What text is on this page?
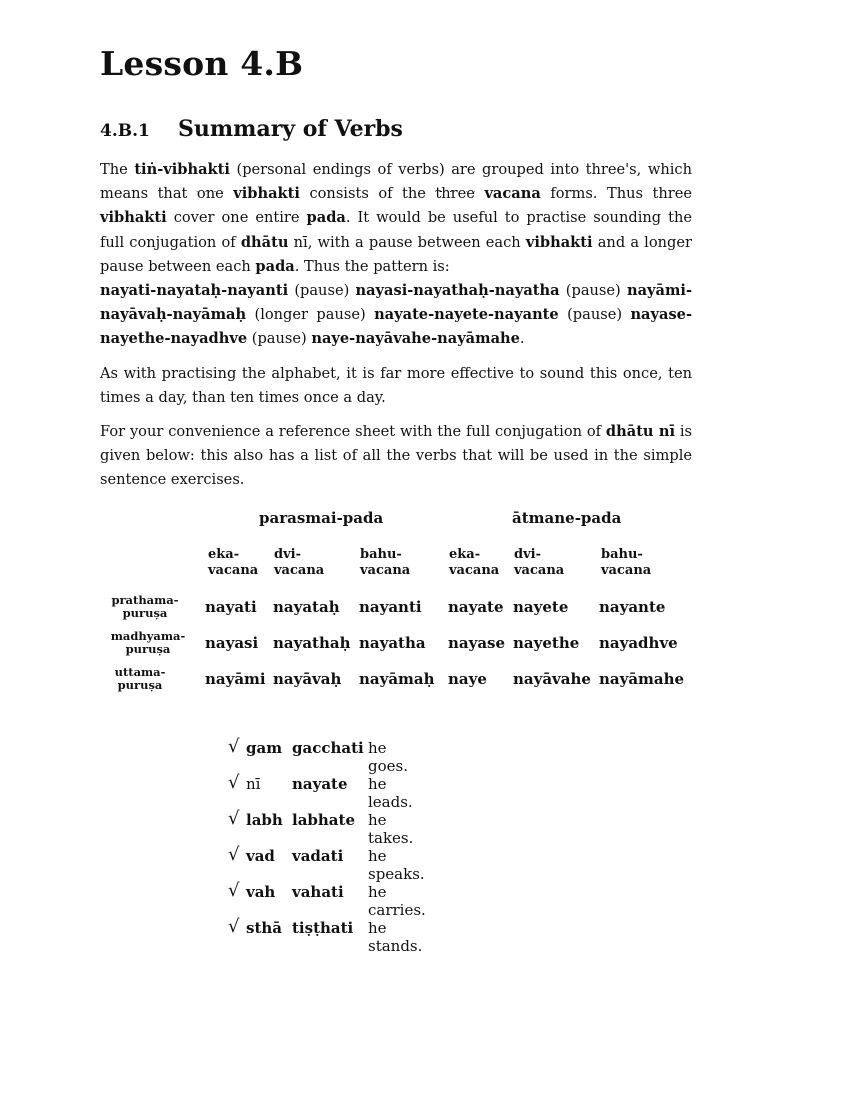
Lesson 4.B
4.B.1 Summary of Verbs

The tiṅ-vibhakti (personal endings of verbs) are grouped into three's, which means that one vibhakti consists of the three vacana forms. Thus three vibhakti cover one entire pada. It would be useful to practise sounding the full conjugation of dhātu nī, with a pause between each vibhakti and a longer pause between each pada. Thus the pattern is:
nayati-nayataḥ-nayanti (pause) nayasi-nayathaḥ-nayatha (pause) nayāmi-nayāvaḥ-nayāmaḥ (longer pause) nayate-nayete-nayante (pause) nayase-nayethe-nayadhve (pause) naye-nayāvahe-nayāmahe.

As with practising the alphabet, it is far more effective to sound this once, ten times a day, than ten times once a day.

For your convenience a reference sheet with the full conjugation of dhātu nī is given below: this also has a list of all the verbs that will be used in the simple sentence exercises.

parasmai-pada	ātmane-pada
eka-
vacana
dvi-
vacana
bahu-
vacana
eka-
vacana
dvi-
vacana
bahu-
vacana
prathama-
puruṣa	nayati nayataḥ nayanti nayate nayete nayante
madhyama-
puruṣa	nayasi nayathaḥ nayatha nayase nayethe nayadhve
uttama-
puruṣa	nayāmi nayāvaḥ nayāmaḥ naye nayāvahe nayāmahe
√ gam gacchati he goes.
√ nī nayate he leads.
√ labh labhate he takes.
√ vad vadati he speaks.
√ vah vahati he carries.
√ sthā tiṣṭhati he stands.
